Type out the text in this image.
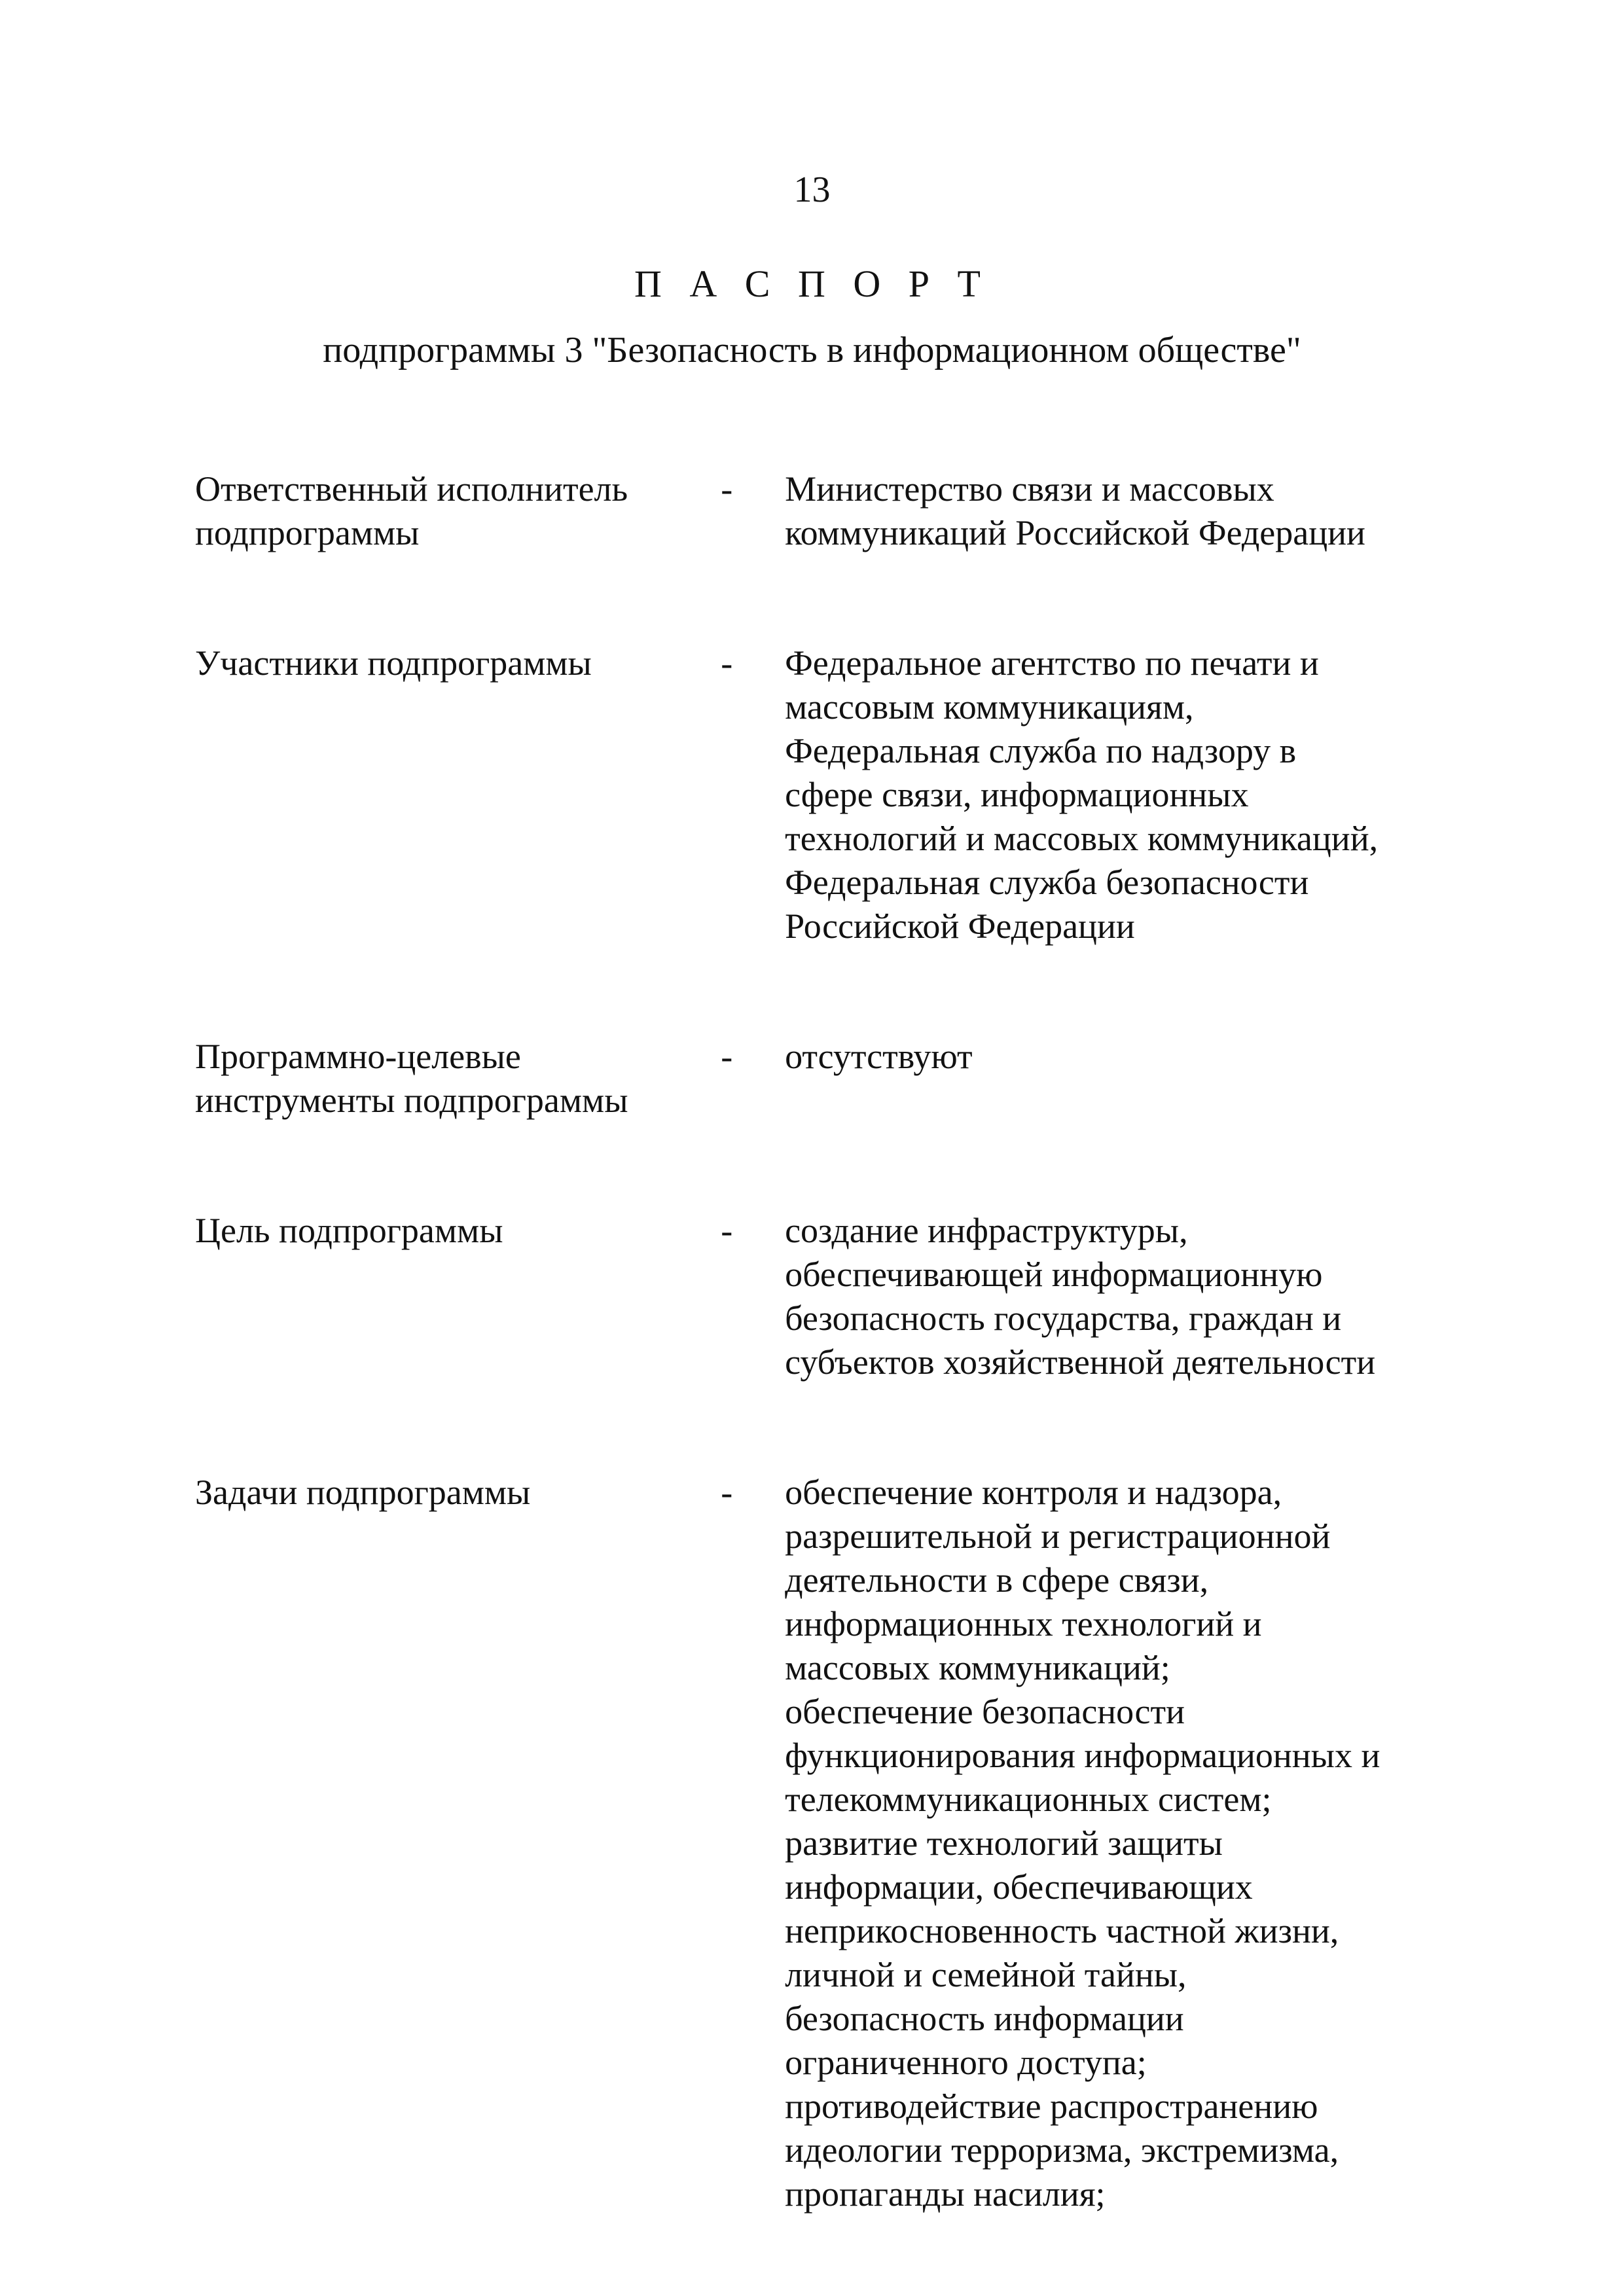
13
П А С П О Р Т
подпрограммы 3 "Безопасность в информационном обществе"
Ответственный исполнитель
подпрограммы
-	Министерство связи и массовых
коммуникаций Российской Федерации
Участники подпрограммы	-	Федеральное агентство по печати и
массовым коммуникациям,
Федеральная служба по надзору в
сфере связи, информационных
технологий и массовых коммуникаций,
Федеральная служба безопасности
Российской Федерации
Программно-целевые
инструменты подпрограммы
-	отсутствуют
Цель подпрограммы	-	создание инфраструктуры,
обеспечивающей информационную
безопасность государства, граждан и
субъектов хозяйственной деятельности
Задачи подпрограммы	-	обеспечение контроля и надзора,
разрешительной и регистрационной
деятельности в сфере связи,
информационных технологий и
массовых коммуникаций;
обеспечение безопасности
функционирования информационных и
телекоммуникационных систем;
развитие технологий защиты
информации, обеспечивающих
неприкосновенность частной жизни,
личной и семейной тайны,
безопасность информации
ограниченного доступа;
противодействие распространению
идеологии терроризма, экстремизма,
пропаганды насилия;
